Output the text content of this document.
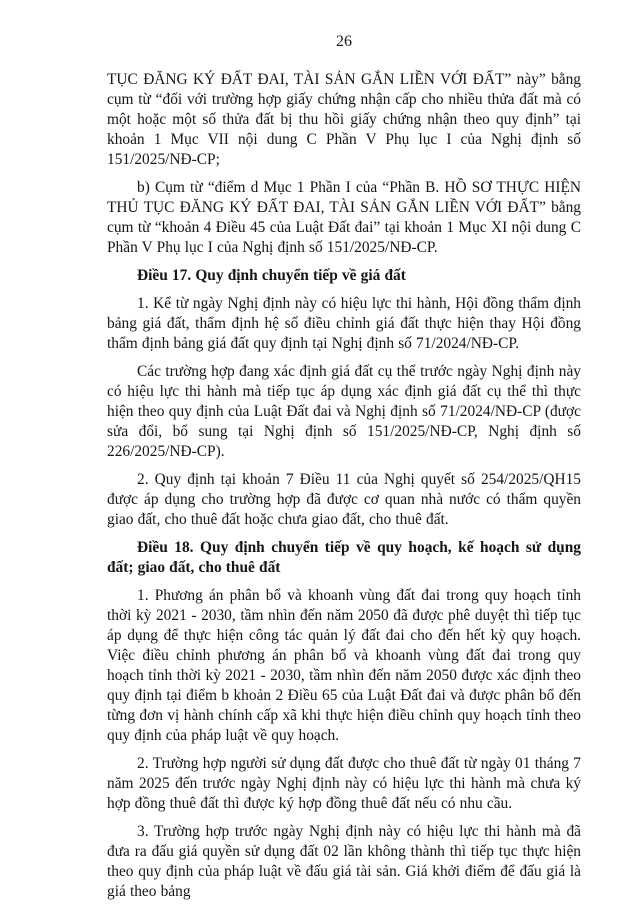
26

TỤC ĐĂNG KÝ ĐẤT ĐAI, TÀI SẢN GẮN LIỀN VỚI ĐẤT” này” bằng cụm từ “đối với trường hợp giấy chứng nhận cấp cho nhiều thửa đất mà có một hoặc một số thửa đất bị thu hồi giấy chứng nhận theo quy định” tại khoản 1 Mục VII nội dung C Phần V Phụ lục I của Nghị định số 151/2025/NĐ-CP;

b) Cụm từ “điểm d Mục 1 Phần I của “Phần B. HỒ SƠ THỰC HIỆN THỦ TỤC ĐĂNG KÝ ĐẤT ĐAI, TÀI SẢN GẮN LIỀN VỚI ĐẤT” bằng cụm từ “khoản 4 Điều 45 của Luật Đất đai” tại khoản 1 Mục XI nội dung C Phần V Phụ lục I của Nghị định số 151/2025/NĐ-CP.

Điều 17. Quy định chuyển tiếp về giá đất

1. Kể từ ngày Nghị định này có hiệu lực thi hành, Hội đồng thẩm định bảng giá đất, thẩm định hệ số điều chỉnh giá đất thực hiện thay Hội đồng thẩm định bảng giá đất quy định tại Nghị định số 71/2024/NĐ-CP.

Các trường hợp đang xác định giá đất cụ thể trước ngày Nghị định này có hiệu lực thi hành mà tiếp tục áp dụng xác định giá đất cụ thể thì thực hiện theo quy định của Luật Đất đai và Nghị định số 71/2024/NĐ-CP (được sửa đổi, bổ sung tại Nghị định số 151/2025/NĐ-CP, Nghị định số 226/2025/NĐ-CP).

2. Quy định tại khoản 7 Điều 11 của Nghị quyết số 254/2025/QH15 được áp dụng cho trường hợp đã được cơ quan nhà nước có thẩm quyền giao đất, cho thuê đất hoặc chưa giao đất, cho thuê đất.

Điều 18. Quy định chuyển tiếp về quy hoạch, kế hoạch sử dụng đất; giao đất, cho thuê đất

1. Phương án phân bổ và khoanh vùng đất đai trong quy hoạch tỉnh thời kỳ 2021 - 2030, tầm nhìn đến năm 2050 đã được phê duyệt thì tiếp tục áp dụng để thực hiện công tác quản lý đất đai cho đến hết kỳ quy hoạch. Việc điều chỉnh phương án phân bổ và khoanh vùng đất đai trong quy hoạch tỉnh thời kỳ 2021 - 2030, tầm nhìn đến năm 2050 được xác định theo quy định tại điểm b khoản 2 Điều 65 của Luật Đất đai và được phân bổ đến từng đơn vị hành chính cấp xã khi thực hiện điều chỉnh quy hoạch tỉnh theo quy định của pháp luật về quy hoạch.

2. Trường hợp người sử dụng đất được cho thuê đất từ ngày 01 tháng 7 năm 2025 đến trước ngày Nghị định này có hiệu lực thi hành mà chưa ký hợp đồng thuê đất thì được ký hợp đồng thuê đất nếu có nhu cầu.

3. Trường hợp trước ngày Nghị định này có hiệu lực thi hành mà đã đưa ra đấu giá quyền sử dụng đất 02 lần không thành thì tiếp tục thực hiện theo quy định của pháp luật về đấu giá tài sản. Giá khởi điểm để đấu giá là giá theo bảng
